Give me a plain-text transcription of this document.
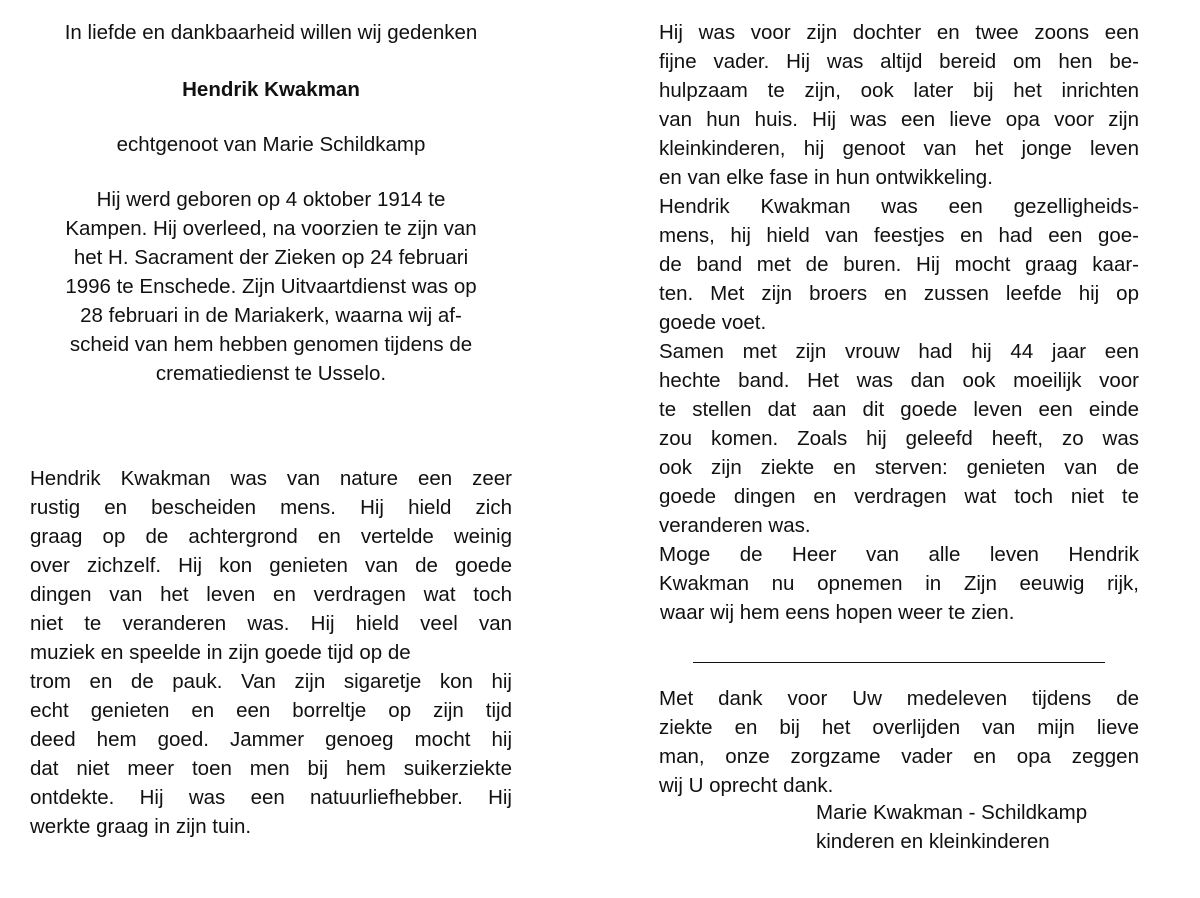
In liefde en dankbaarheid willen wij gedenken
Hendrik Kwakman
echtgenoot van Marie Schildkamp
Hij werd geboren op 4 oktober 1914 te
Kampen. Hij overleed, na voorzien te zijn van
het H. Sacrament der Zieken op 24 februari
1996 te Enschede. Zijn Uitvaartdienst was op
28 februari in de Mariakerk, waarna wij af-
scheid van hem hebben genomen tijdens de
crematiedienst te Usselo.
Hendrik Kwakman was van nature een zeer
rustig en bescheiden mens. Hij hield zich
graag op de achtergrond en vertelde weinig
over zichzelf. Hij kon genieten van de goede
dingen van het leven en verdragen wat toch
niet te veranderen was. Hij hield veel van
muziek en speelde in zijn goede tijd op de
trom en de pauk. Van zijn sigaretje kon hij
echt genieten en een borreltje op zijn tijd
deed hem goed. Jammer genoeg mocht hij
dat niet meer toen men bij hem suikerziekte
ontdekte. Hij was een natuurliefhebber. Hij
werkte graag in zijn tuin.
Hij was voor zijn dochter en twee zoons een
fijne vader. Hij was altijd bereid om hen be-
hulpzaam te zijn, ook later bij het inrichten
van hun huis. Hij was een lieve opa voor zijn
kleinkinderen, hij genoot van het jonge leven
en van elke fase in hun ontwikkeling.
Hendrik Kwakman was een gezelligheids-
mens, hij hield van feestjes en had een goe-
de band met de buren. Hij mocht graag kaar-
ten. Met zijn broers en zussen leefde hij op
goede voet.
Samen met zijn vrouw had hij 44 jaar een
hechte band. Het was dan ook moeilijk voor
te stellen dat aan dit goede leven een einde
zou komen. Zoals hij geleefd heeft, zo was
ook zijn ziekte en sterven: genieten van de
goede dingen en verdragen wat toch niet te
veranderen was.
Moge de Heer van alle leven Hendrik
Kwakman nu opnemen in Zijn eeuwig rijk,
waar wij hem eens hopen weer te zien.
Met dank voor Uw medeleven tijdens de
ziekte en bij het overlijden van mijn lieve
man, onze zorgzame vader en opa zeggen
wij U oprecht dank.
Marie Kwakman - Schildkamp
kinderen en kleinkinderen
